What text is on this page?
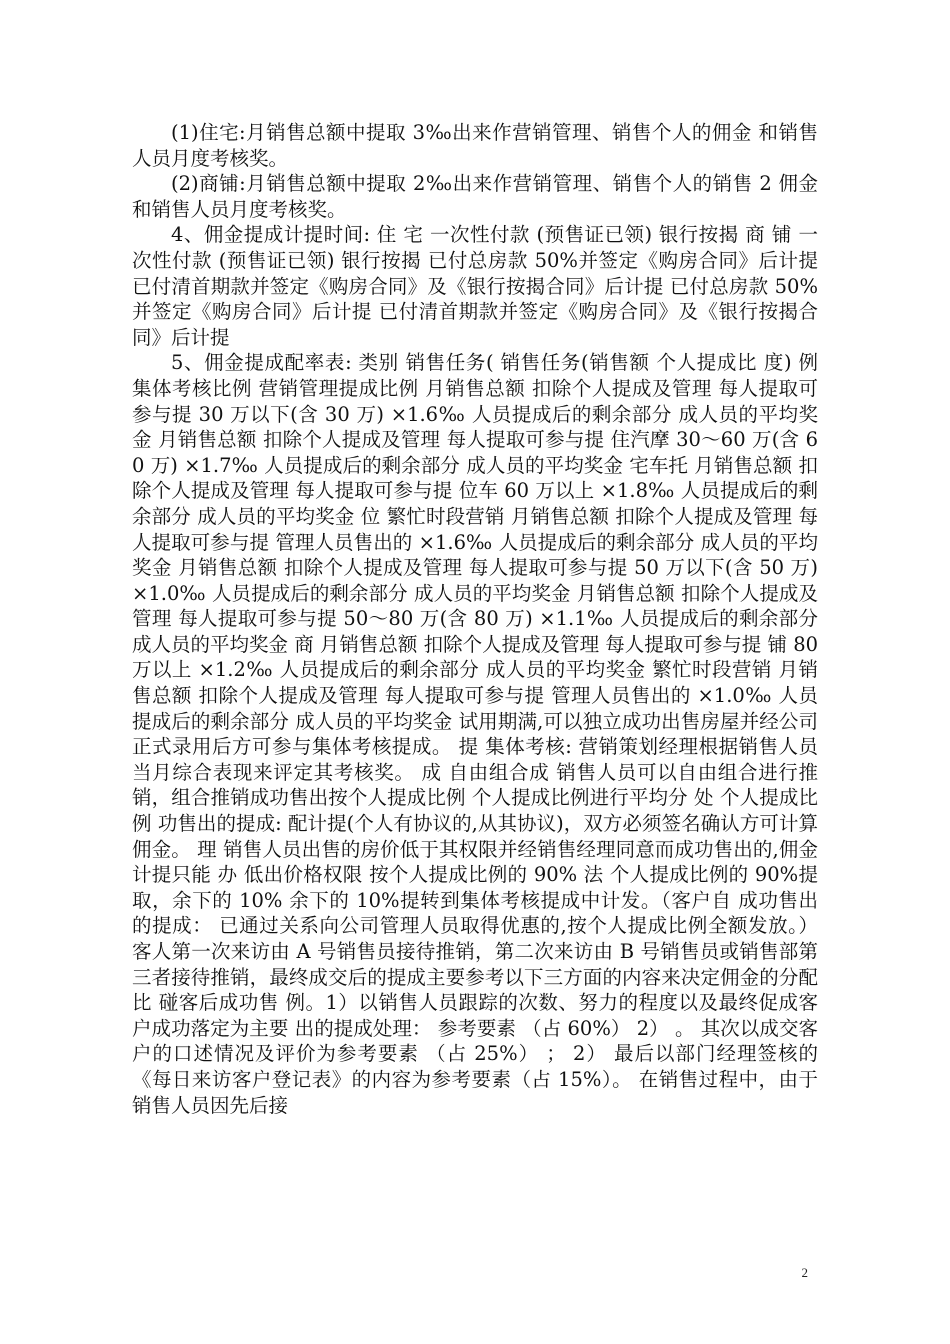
(1)住宅:月销售总额中提取 3‰出来作营销管理、销售个人的佣金 和销售人员月度考核奖。

(2)商铺:月销售总额中提取 2‰出来作营销管理、销售个人的销售 2 佣金和销售人员月度考核奖。

4、佣金提成计提时间: 住 宅 一次性付款 (预售证已领) 银行按揭 商 铺 一次性付款 (预售证已领) 银行按揭 已付总房款 50%并签定《购房合同》后计提 已付清首期款并签定《购房合同》及《银行按揭合同》后计提 已付总房款 50%并签定《购房合同》后计提 已付清首期款并签定《购房合同》及《银行按揭合同》后计提

5、佣金提成配率表: 类别 销售任务( 销售任务(销售额 个人提成比 度) 例 集体考核比例 营销管理提成比例 月销售总额 扣除个人提成及管理 每人提取可参与提 30 万以下(含 30 万) ×1.6‰ 人员提成后的剩余部分 成人员的平均奖金 月销售总额 扣除个人提成及管理 每人提取可参与提 住汽摩 30～60 万(含 60 万) ×1.7‰ 人员提成后的剩余部分 成人员的平均奖金 宅车托 月销售总额 扣除个人提成及管理 每人提取可参与提 位车 60 万以上 ×1.8‰ 人员提成后的剩余部分 成人员的平均奖金 位 繁忙时段营销 月销售总额 扣除个人提成及管理 每人提取可参与提 管理人员售出的 ×1.6‰ 人员提成后的剩余部分 成人员的平均奖金 月销售总额 扣除个人提成及管理 每人提取可参与提 50 万以下(含 50 万) ×1.0‰ 人员提成后的剩余部分 成人员的平均奖金 月销售总额 扣除个人提成及管理 每人提取可参与提 50～80 万(含 80 万) ×1.1‰ 人员提成后的剩余部分 成人员的平均奖金 商 月销售总额 扣除个人提成及管理 每人提取可参与提 铺 80 万以上 ×1.2‰ 人员提成后的剩余部分 成人员的平均奖金 繁忙时段营销 月销售总额 扣除个人提成及管理 每人提取可参与提 管理人员售出的 ×1.0‰ 人员提成后的剩余部分 成人员的平均奖金 试用期满,可以独立成功出售房屋并经公司正式录用后方可参与集体考核提成。 提 集体考核: 营销策划经理根据销售人员当月综合表现来评定其考核奖。 成 自由组合成 销售人员可以自由组合进行推销，组合推销成功售出按个人提成比例 个人提成比例进行平均分 处 个人提成比例 功售出的提成: 配计提(个人有协议的,从其协议)，双方必须签名确认方可计算佣金。 理 销售人员出售的房价低于其权限并经销售经理同意而成功售出的,佣金计提只能 办 低出价格权限 按个人提成比例的 90% 法 个人提成比例的 90%提取，余下的 10% 余下的 10%提转到集体考核提成中计发。（客户自 成功售出的提成： 已通过关系向公司管理人员取得优惠的,按个人提成比例全额发放。） 客人第一次来访由 A 号销售员接待推销，第二次来访由 B 号销售员或销售部第三者接待推销，最终成交后的提成主要参考以下三方面的内容来决定佣金的分配比 碰客后成功售 例。1）以销售人员跟踪的次数、努力的程度以及最终促成客户成功落定为主要 出的提成处理： 参考要素 （占 60%） 2） 。 其次以成交客户的口述情况及评价为参考要素 （占 25%） ； 2） 最后以部门经理签核的《每日来访客户登记表》的内容为参考要素（占 15%）。 在销售过程中，由于销售人员因先后接

2
